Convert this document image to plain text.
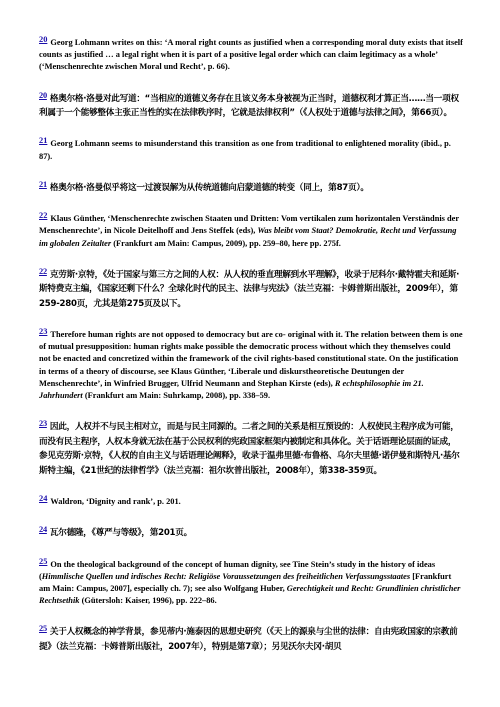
20 Georg Lohmann writes on this: ‘A moral right counts as justified when a corresponding moral duty exists that itself counts as justified … a legal right when it is part of a positive legal order which can claim legitimacy as a whole’ (‘Menschenrechte zwischen Moral und Recht’, p. 66).

20 格奥尔格·洛曼对此写道：“当相应的道德义务存在且该义务本身被视为正当时，道德权利才算正当……当一项权利属于一个能够整体主张正当性的实在法律秩序时，它就是法律权利”（《人权处于道德与法律之间》，第66页）。

21 Georg Lohmann seems to misunderstand this transition as one from traditional to enlightened morality (ibid., p. 87).

21 格奥尔格·洛曼似乎将这一过渡误解为从传统道德向启蒙道德的转变（同上，第87页）。

22 Klaus Günther, ‘Menschenrechte zwischen Staaten und Dritten: Vom vertikalen zum horizontalen Verständnis der Menschenrechte’, in Nicole Deitelhoff and Jens Steffek (eds), Was bleibt vom Staat? Demokratie, Recht und Verfassung im globalen Zeitalter (Frankfurt am Main: Campus, 2009), pp. 259–80, here pp. 275f.

22 克劳斯·京特，《处于国家与第三方之间的人权：从人权的垂直理解到水平理解》，收录于尼科尔·戴特霍夫和延斯·斯特费克主编，《国家还剩下什么？全球化时代的民主、法律与宪法》（法兰克福：卡姆普斯出版社，2009年），第259-280页，尤其是第275页及以下。

23 Therefore human rights are not opposed to democracy but are co- original with it. The relation between them is one of mutual presupposition: human rights make possible the democratic process without which they themselves could not be enacted and concretized within the framework of the civil rights-based constitutional state. On the justification in terms of a theory of discourse, see Klaus Günther, ‘Liberale und diskurstheoretische Deutungen der Menschenrechte’, in Winfried Brugger, Ulfrid Neumann and Stephan Kirste (eds), R echtsphilosophie im 21. Jahrhundert (Frankfurt am Main: Suhrkamp, 2008), pp. 338–59.

23 因此，人权并不与民主相对立，而是与民主同源的。二者之间的关系是相互预设的：人权使民主程序成为可能，而没有民主程序，人权本身就无法在基于公民权利的宪政国家框架内被制定和具体化。关于话语理论层面的证成，参见克劳斯·京特，《人权的自由主义与话语理论阐释》，收录于温弗里德·布鲁格、乌尔夫里德·诺伊曼和斯特凡·基尔斯特主编，《21世纪的法律哲学》（法兰克福：祖尔坎普出版社，2008年），第338-359页。

24 Waldron, ‘Dignity and rank’, p. 201.

24 瓦尔德隆，《尊严与等级》，第201页。

25 On the theological background of the concept of human dignity, see Tine Stein’s study in the history of ideas (Himmlische Quellen und irdisches Recht: Religiöse Voraussetzungen des freiheitlichen Verfassungsstaates [Frankfurt am Main: Campus, 2007], especially ch. 7); see also Wolfgang Huber, Gerechtigkeit und Recht: Grundlinien christlicher Rechtsethik (Gütersloh: Kaiser, 1996), pp. 222–86.

25 关于人权概念的神学背景，参见蒂内·施泰因的思想史研究（《天上的源泉与尘世的法律：自由宪政国家的宗教前提》（法兰克福：卡姆普斯出版社，2007年），特别是第7章）；另见沃尔夫冈·胡贝
